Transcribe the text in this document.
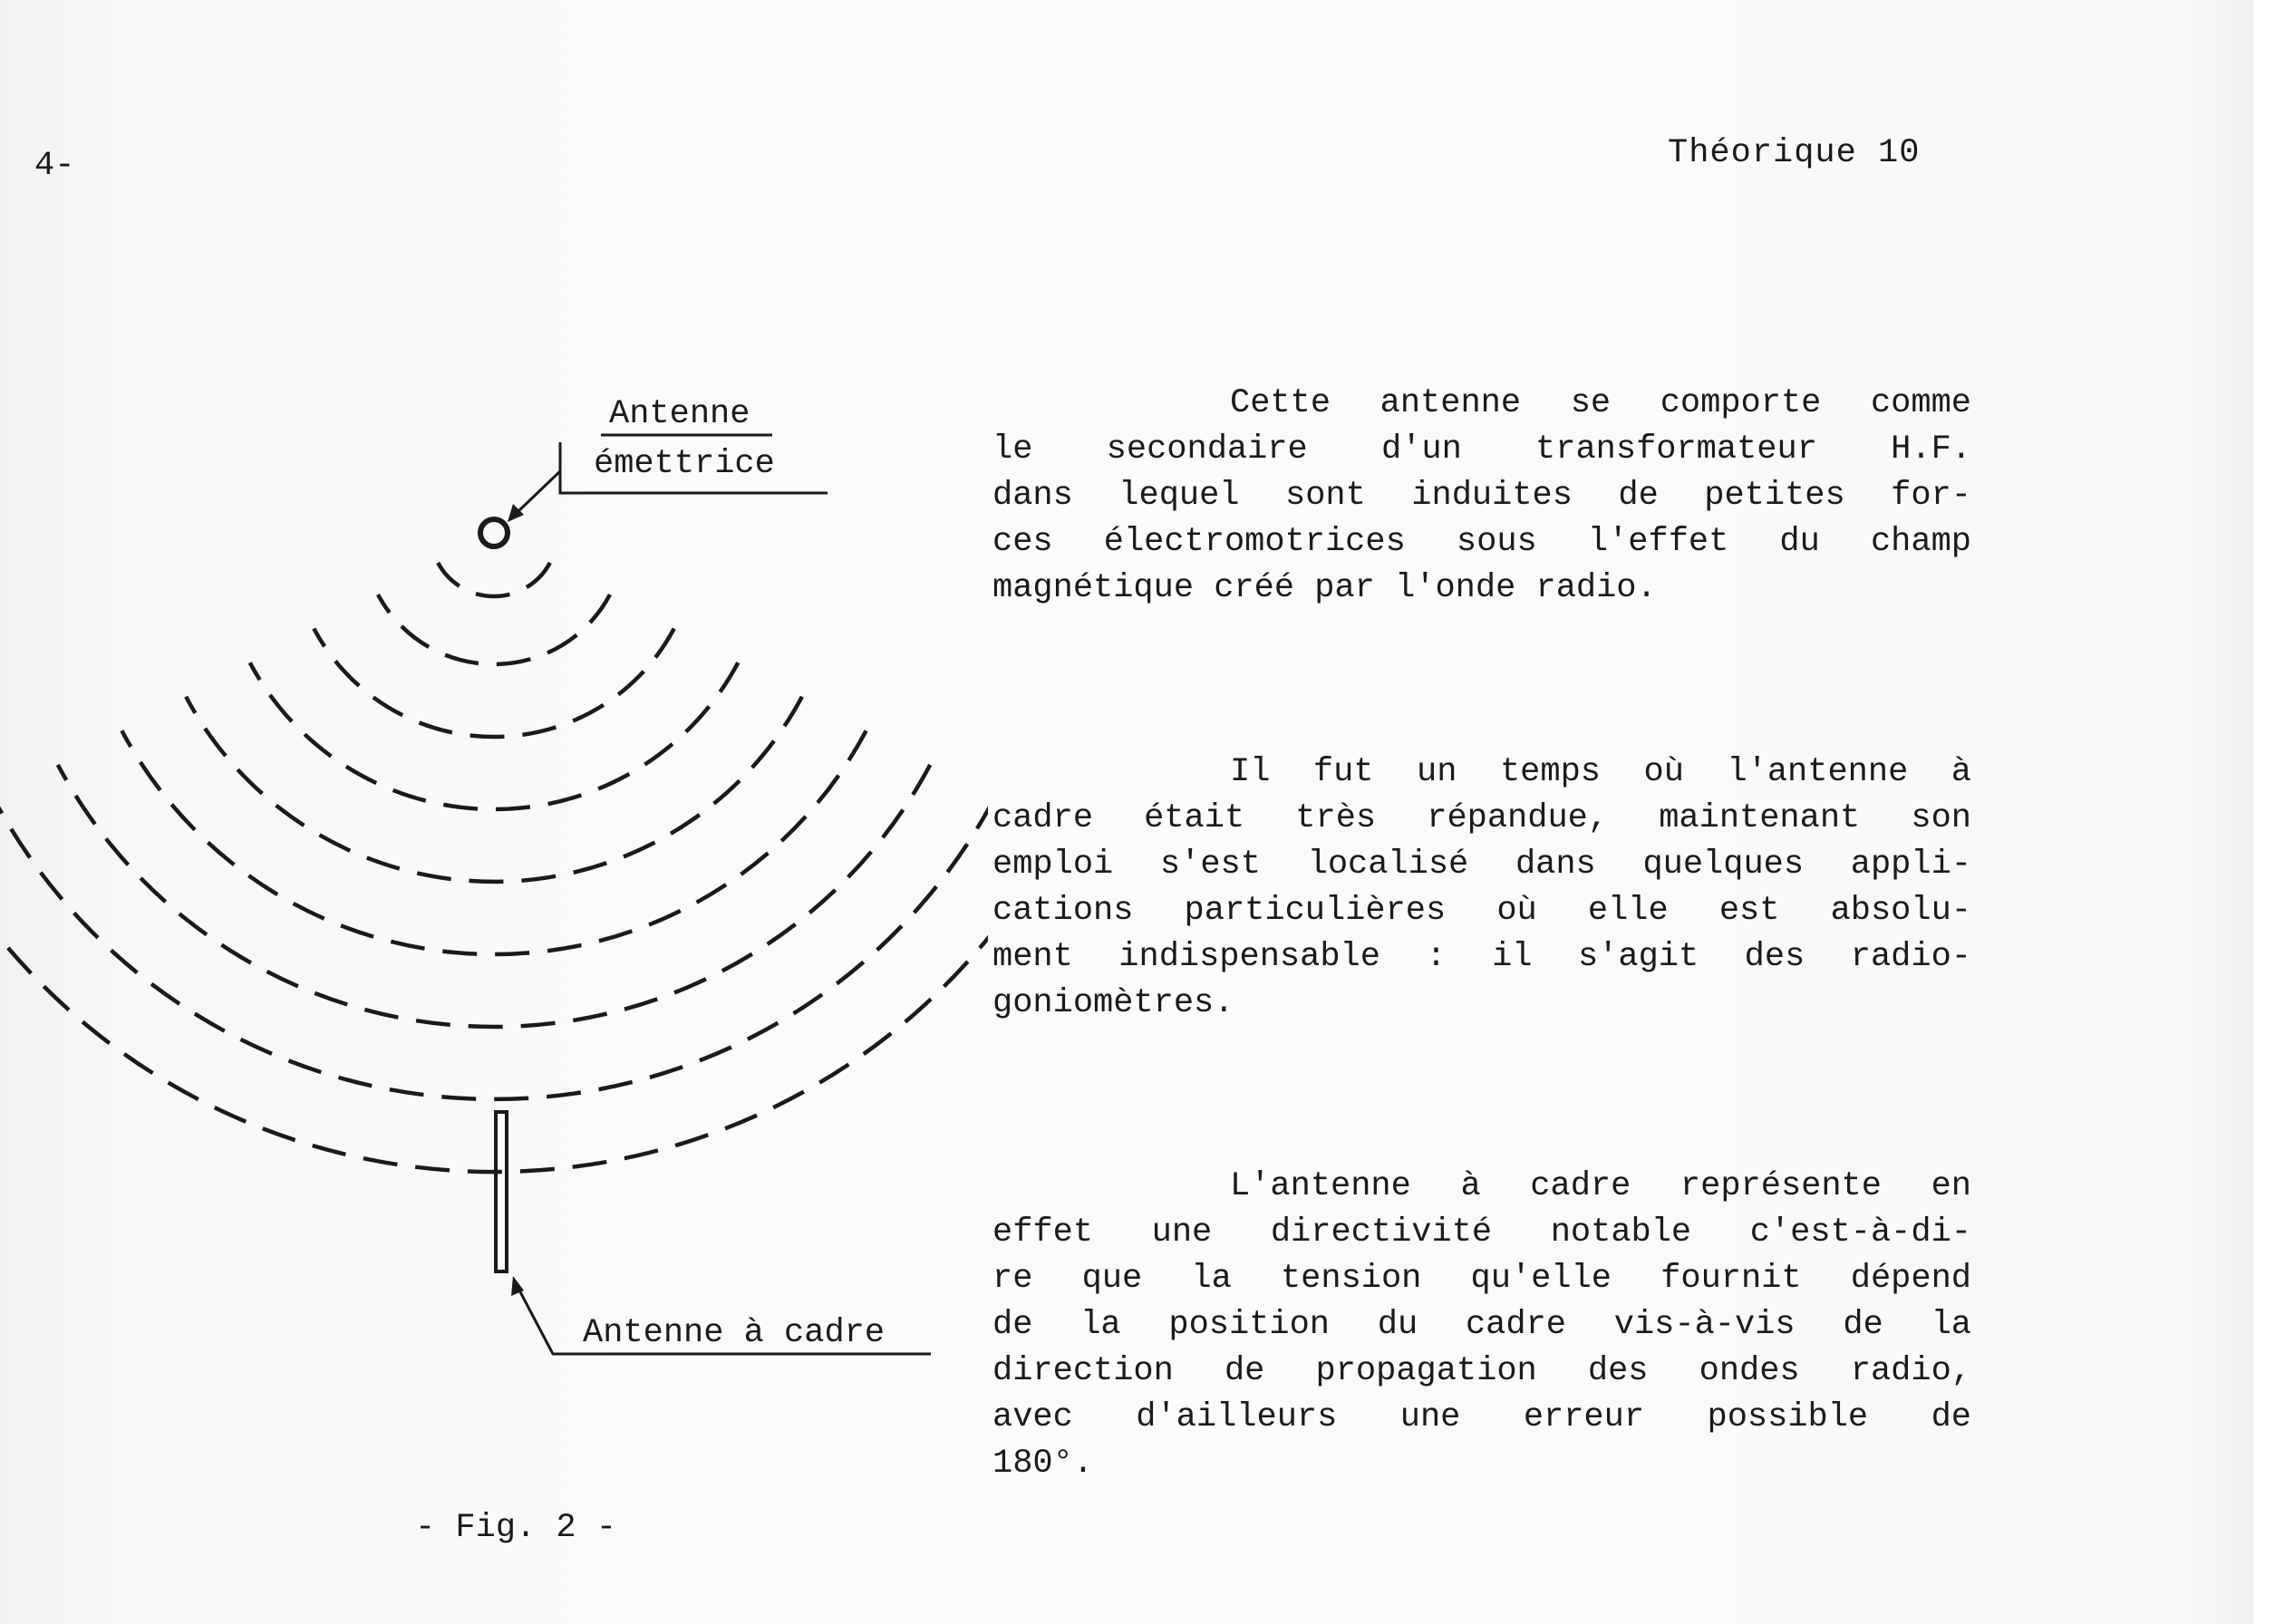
4-	Théorique 10
Antenne
émettrice
Antenne à cadre
- Fig. 2 -
Cette antenne se comporte comme
le secondaire d'un transformateur H.F.
dans lequel sont induites de petites for-
ces électromotrices sous l'effet du champ
magnétique créé par l'onde radio.
Il fut un temps où l'antenne à
cadre était très répandue, maintenant son
emploi s'est localisé dans quelques appli-
cations particulières où elle est absolu-
ment indispensable : il s'agit des radio-
goniomètres.
L'antenne à cadre représente en
effet une directivité notable c'est-à-di-
re que la tension qu'elle fournit dépend
de la position du cadre vis-à-vis de la
direction de propagation des ondes radio,
avec d'ailleurs une erreur possible de
180°.
